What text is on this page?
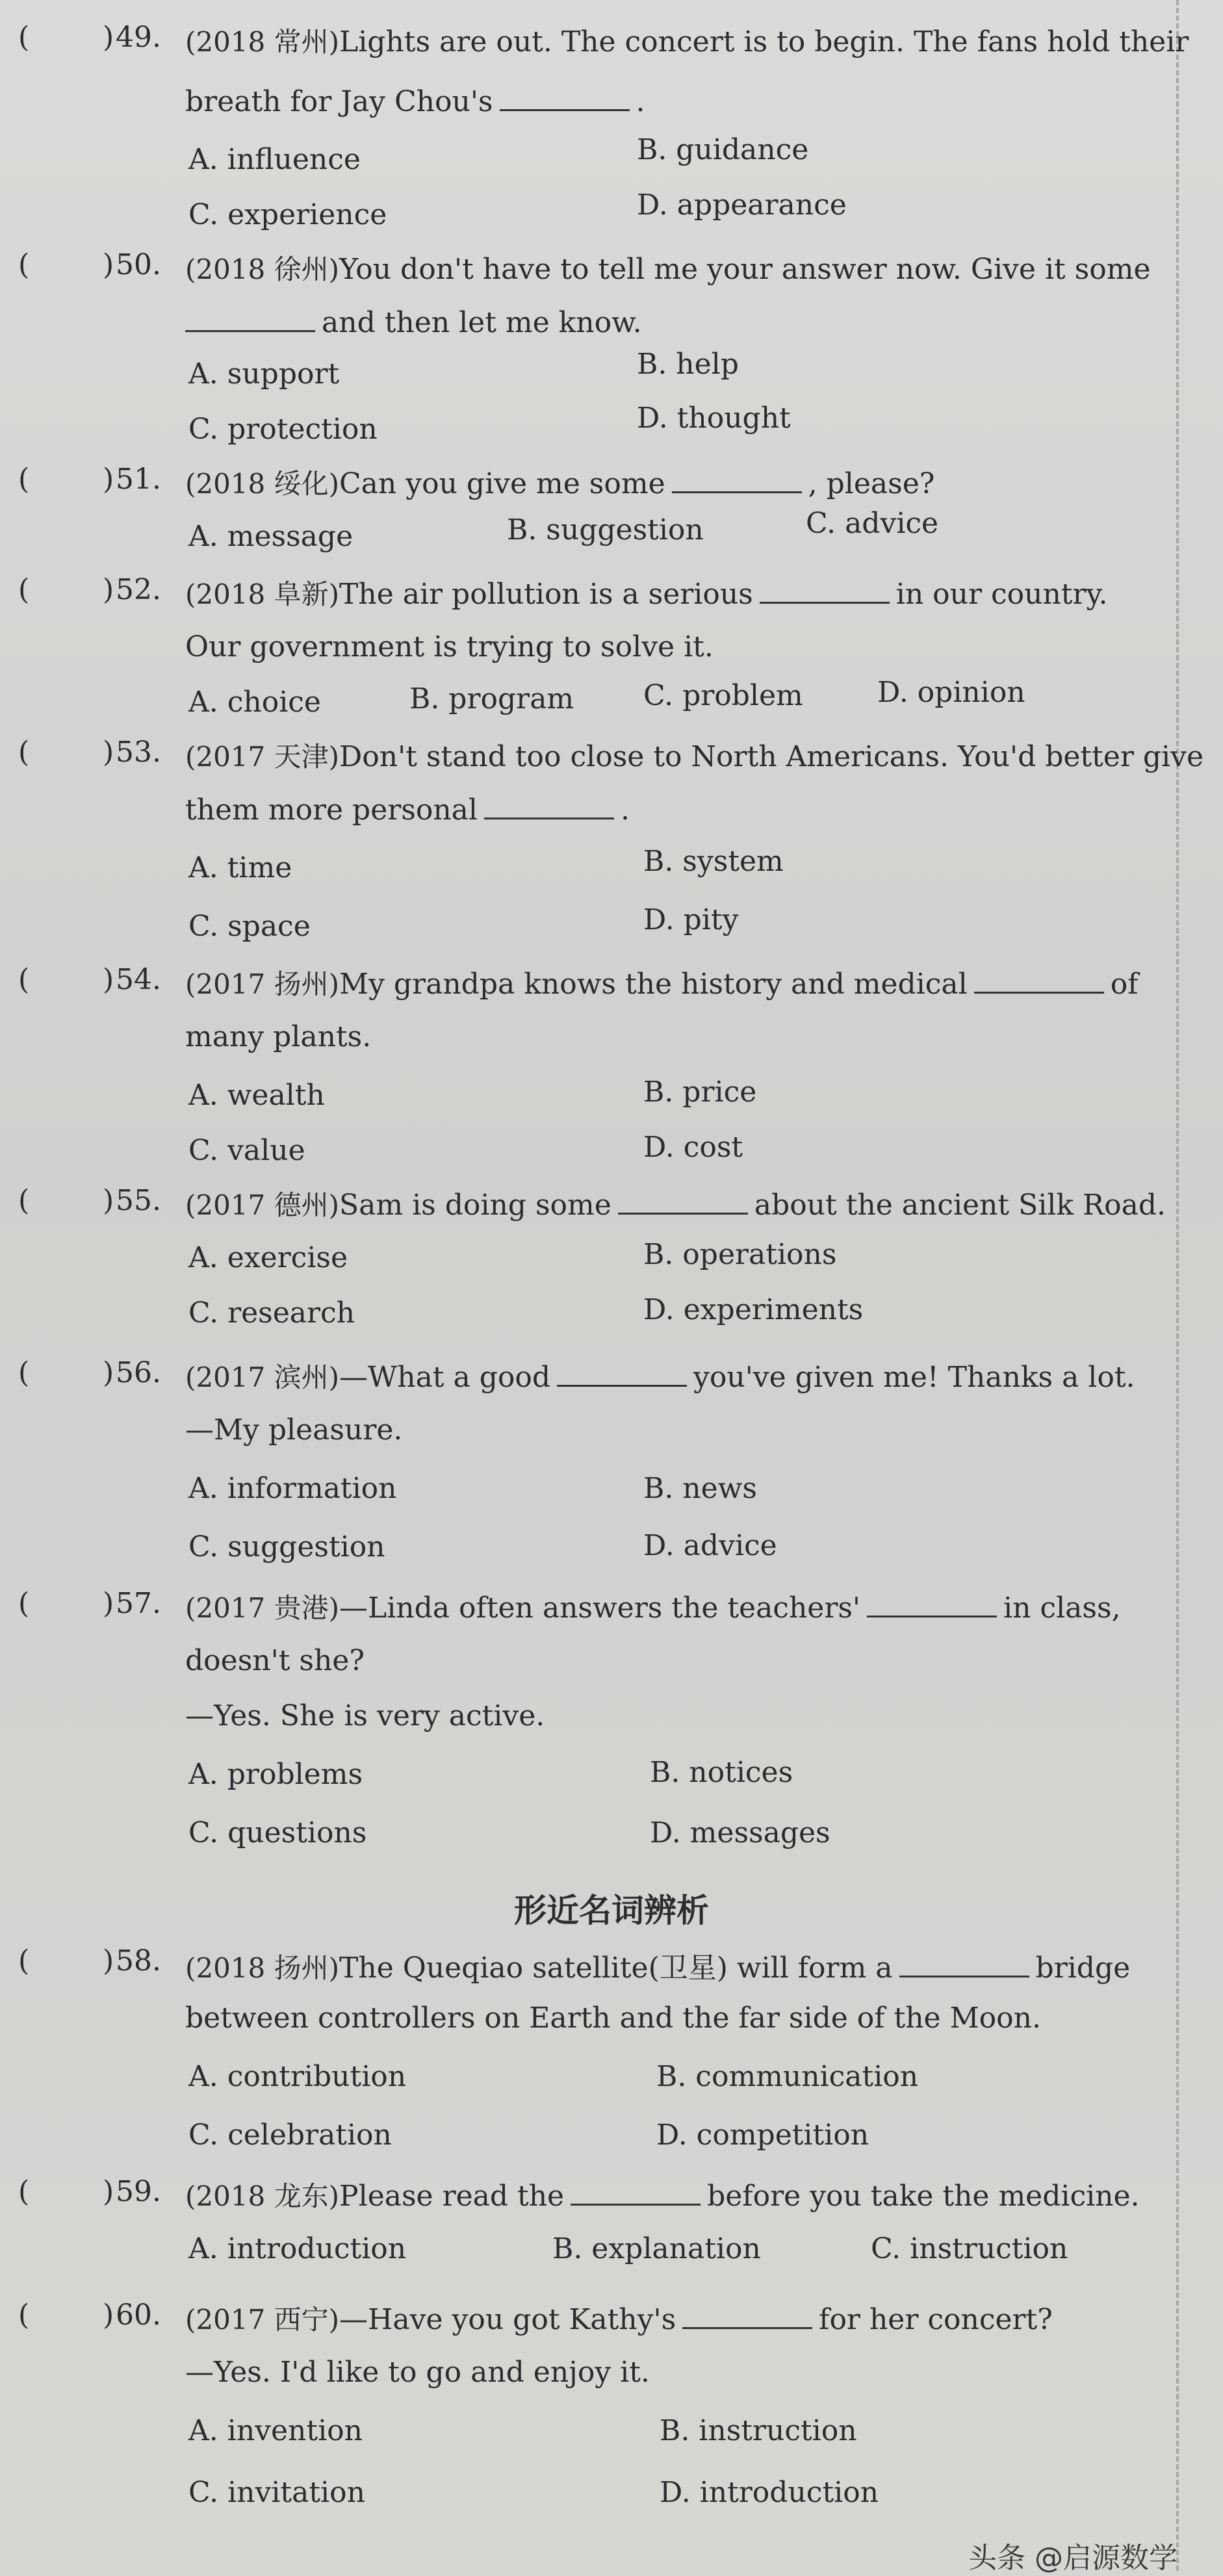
(	) 49. (2018 常州)Lights are out. The concert is to begin. The fans hold their
breath for Jay Chou's	.
A. influence	B. guidance
C. experience	D. appearance
(	) 50. (2018 徐州)You don't have to tell me your answer now. Give it some
and then let me know.
A. support	B. help
C. protection	D. thought
(	) 51. (2018 绥化)Can you give me some	, please?
A. message	B. suggestion	C. advice
(	) 52. (2018 阜新)The air pollution is a serious	in our country.
Our government is trying to solve it.
A. choice	B. program C. problem	D. opinion
(	) 53. (2017 天津)Don't stand too close to North Americans. You'd better give
them more personal	.
A. time	B. system
C. space	D. pity
(	) 54. (2017 扬州)My grandpa knows the history and medical	of
many plants.
A. wealth	B. price
C. value	D. cost
(	) 55. (2017 德州)Sam is doing some	about the ancient Silk Road.
A. exercise	B. operations
C. research	D. experiments
(	) 56. (2017 滨州)—What a good	you've given me! Thanks a lot.
—My pleasure.
A. information	B. news
C. suggestion	D. advice
(	) 57. (2017 贵港)—Linda often answers the teachers'	in class,
doesn't she?
—Yes. She is very active.
A. problems	B. notices
C. questions	D. messages
形近名词辨析
(	) 58. (2018 扬州)The Queqiao satellite(卫星) will form a	bridge
between controllers on Earth and the far side of the Moon.
A. contribution	B. communication
C. celebration	D. competition
(	) 59. (2018 龙东)Please read the	before you take the medicine.
A. introduction	B. explanation	C. instruction
(	) 60. (2017 西宁)—Have you got Kathy's	for her concert?
—Yes. I'd like to go and enjoy it.
A. invention	B. instruction
C. invitation	D. introduction
头条 @启源数学
